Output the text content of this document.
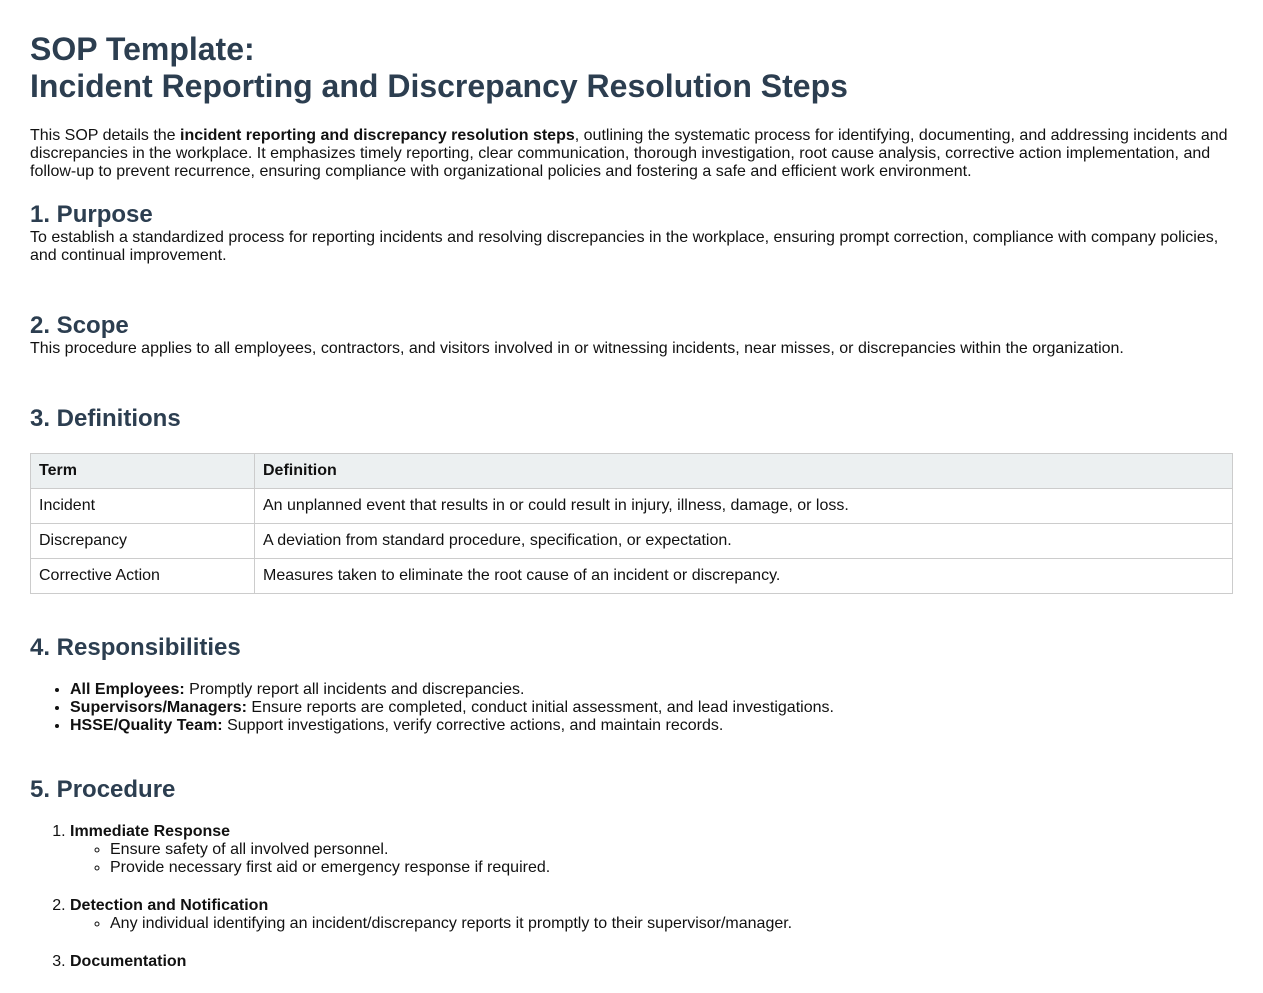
SOP Template:
Incident Reporting and Discrepancy Resolution Steps

This SOP details the incident reporting and discrepancy resolution steps, outlining the systematic process for identifying, documenting, and addressing incidents and discrepancies in the workplace. It emphasizes timely reporting, clear communication, thorough investigation, root cause analysis, corrective action implementation, and follow-up to prevent recurrence, ensuring compliance with organizational policies and fostering a safe and efficient work environment.

1. Purpose

To establish a standardized process for reporting incidents and resolving discrepancies in the workplace, ensuring prompt correction, compliance with company policies, and continual improvement.

2. Scope

This procedure applies to all employees, contractors, and visitors involved in or witnessing incidents, near misses, or discrepancies within the organization.

3. Definitions
Term	Definition
Incident	An unplanned event that results in or could result in injury, illness, damage, or loss.
Discrepancy	A deviation from standard procedure, specification, or expectation.
Corrective Action	Measures taken to eliminate the root cause of an incident or discrepancy.
4. Responsibilities
• All Employees: Promptly report all incidents and discrepancies.
• Supervisors/Managers: Ensure reports are completed, conduct initial assessment, and lead investigations.
• HSSE/Quality Team: Support investigations, verify corrective actions, and maintain records.
5. Procedure
1. Immediate Response
◦ Ensure safety of all involved personnel.
◦ Provide necessary first aid or emergency response if required.
2. Detection and Notification
◦ Any individual identifying an incident/discrepancy reports it promptly to their supervisor/manager.
3. Documentation
